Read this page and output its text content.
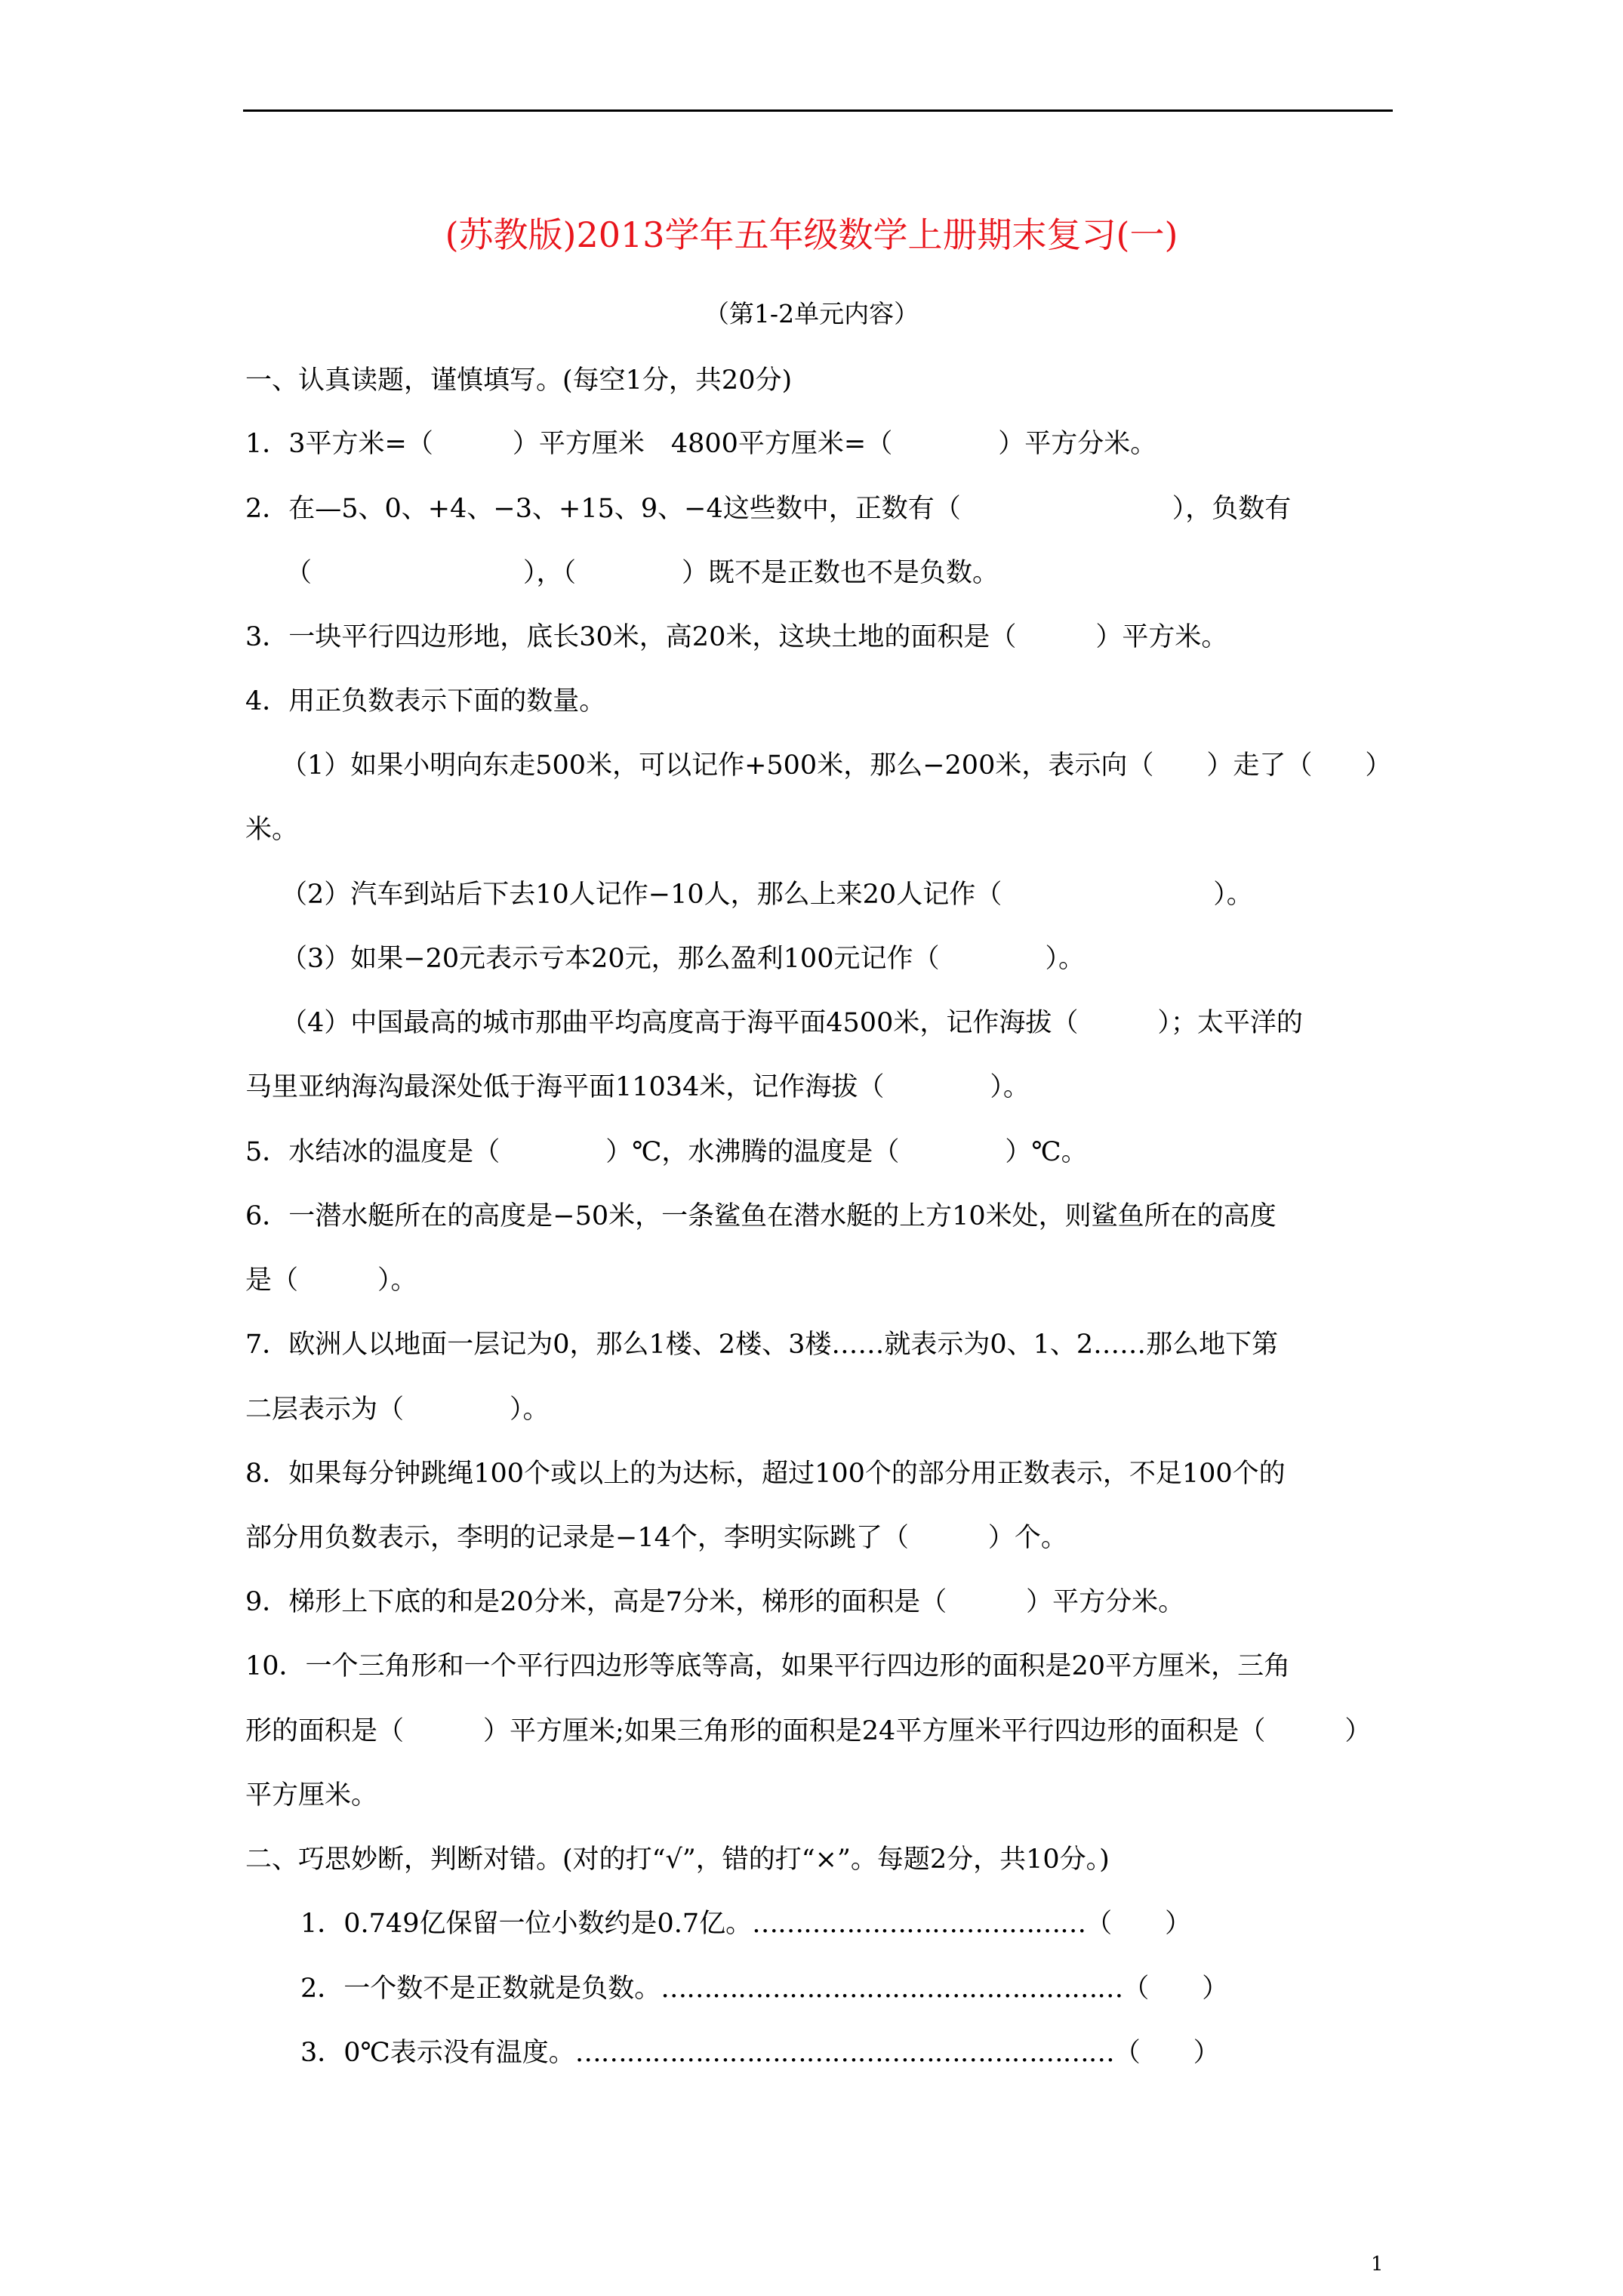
(苏教版)2013学年五年级数学上册期末复习(一)
（第1-2单元内容）
一、认真读题，谨慎填写。(每空1分，共20分)
1．3平方米=（　　　）平方厘米　4800平方厘米=（　　　　）平方分米。
2．在—5、0、+4、−3、+15、9、−4这些数中，正数有（　　　　　　　　），负数有
（　　　　　　　　），（　　　　）既不是正数也不是负数。
3．一块平行四边形地，底长30米，高20米，这块土地的面积是（　　　）平方米。
4．用正负数表示下面的数量。
（1）如果小明向东走500米，可以记作+500米，那么−200米，表示向（　　）走了（　　）
米。
（2）汽车到站后下去10人记作−10人，那么上来20人记作（　　　　　　　　）。
（3）如果−20元表示亏本20元，那么盈利100元记作（　　　　）。
（4）中国最高的城市那曲平均高度高于海平面4500米，记作海拔（　　　）；太平洋的
马里亚纳海沟最深处低于海平面11034米，记作海拔（　　　　）。
5．水结冰的温度是（　　　　）℃，水沸腾的温度是（　　　　）℃。
6．一潜水艇所在的高度是−50米，一条鲨鱼在潜水艇的上方10米处，则鲨鱼所在的高度
是（　　　）。
7．欧洲人以地面一层记为0，那么1楼、2楼、3楼……就表示为0、1、2……那么地下第
二层表示为（　　　　）。
8．如果每分钟跳绳100个或以上的为达标，超过100个的部分用正数表示，不足100个的
部分用负数表示，李明的记录是−14个，李明实际跳了（　　　）个。
9．梯形上下底的和是20分米，高是7分米，梯形的面积是（　　　）平方分米。
10．一个三角形和一个平行四边形等底等高，如果平行四边形的面积是20平方厘米，三角
形的面积是（　　　）平方厘米;如果三角形的面积是24平方厘米平行四边形的面积是（　　　）
平方厘米。
二、巧思妙断，判断对错。(对的打“√”，错的打“×”。每题2分，共10分。)
1．0.749亿保留一位小数约是0.7亿。…………………………………（　　）
2．一个数不是正数就是负数。………………………………………………（　　）
3．0℃表示没有温度。………………………………………………………（　　）
1
